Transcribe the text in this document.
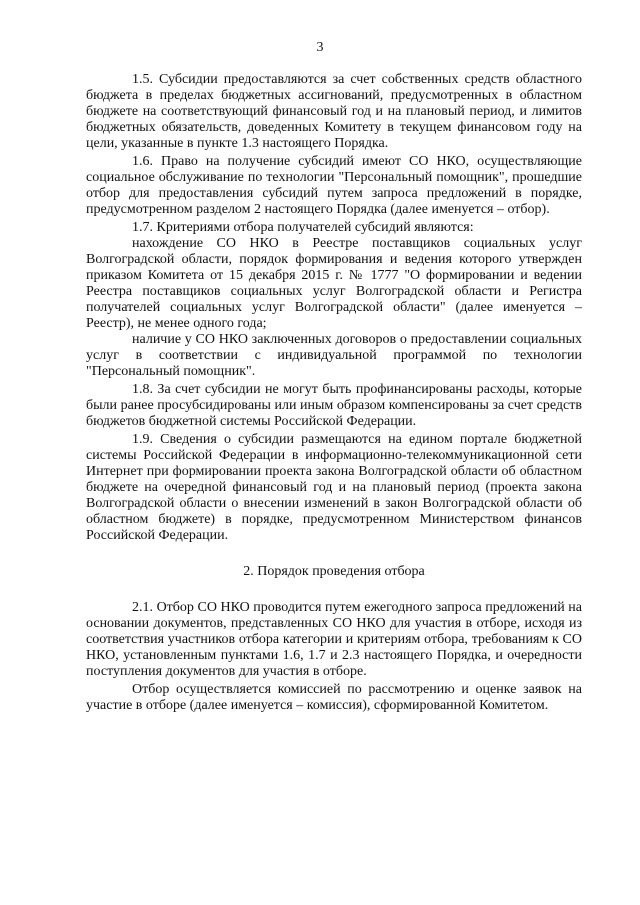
3

1.5. Субсидии предоставляются за счет собственных средств областного бюджета в пределах бюджетных ассигнований, предусмотренных в областном бюджете на соответствующий финансовый год и на плановый период, и лимитов бюджетных обязательств, доведенных Комитету в текущем финансовом году на цели, указанные в пункте 1.3 настоящего Порядка.

1.6. Право на получение субсидий имеют СО НКО, осуществляющие социальное обслуживание по технологии "Персональный помощник", прошедшие отбор для предоставления субсидий путем запроса предложений в порядке, предусмотренном разделом 2 настоящего Порядка (далее именуется – отбор).

1.7. Критериями отбора получателей субсидий являются:

нахождение СО НКО в Реестре поставщиков социальных услуг Волгоградской области, порядок формирования и ведения которого утвержден приказом Комитета от 15 декабря 2015 г. № 1777 "О формировании и ведении Реестра поставщиков социальных услуг Волгоградской области и Регистра получателей социальных услуг Волгоградской области" (далее именуется – Реестр), не менее одного года;

наличие у СО НКО заключенных договоров о предоставлении социальных услуг в соответствии с индивидуальной программой по технологии "Персональный помощник".

1.8. За счет субсидии не могут быть профинансированы расходы, которые были ранее просубсидированы или иным образом компенсированы за счет средств бюджетов бюджетной системы Российской Федерации.

1.9. Сведения о субсидии размещаются на едином портале бюджетной системы Российской Федерации в информационно-телекоммуникационной сети Интернет при формировании проекта закона Волгоградской области об областном бюджете на очередной финансовый год и на плановый период (проекта закона Волгоградской области о внесении изменений в закон Волгоградской области об областном бюджете) в порядке, предусмотренном Министерством финансов Российской Федерации.

2. Порядок проведения отбора

2.1. Отбор СО НКО проводится путем ежегодного запроса предложений на основании документов, представленных СО НКО для участия в отборе, исходя из соответствия участников отбора категории и критериям отбора, требованиям к СО НКО, установленным пунктами 1.6, 1.7 и 2.3 настоящего Порядка, и очередности поступления документов для участия в отборе.

Отбор осуществляется комиссией по рассмотрению и оценке заявок на участие в отборе (далее именуется – комиссия), сформированной Комитетом.
